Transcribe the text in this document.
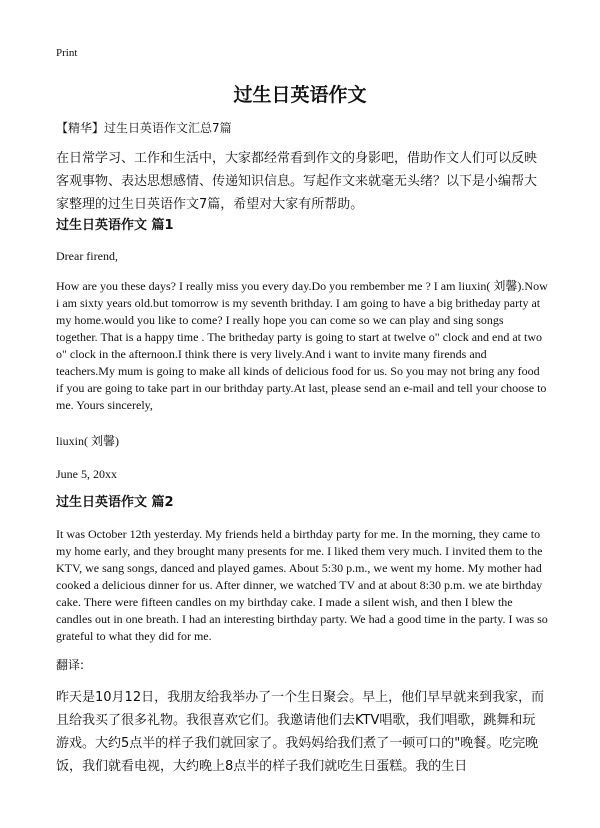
Print
过生日英语作文
【精华】过生日英语作文汇总7篇
在日常学习、工作和生活中，大家都经常看到作文的身影吧，借助作文人们可以反映客观事物、表达思想感情、传递知识信息。写起作文来就毫无头绪？以下是小编帮大家整理的过生日英语作文7篇，希望对大家有所帮助。
过生日英语作文 篇1
Drear firend,
How are you these days? I really miss you every day.Do you rembember me ? I am liuxin( 刘馨).Now i am sixty years old.but tomorrow is my seventh brithday. I am going to have a big britheday party at my home.would you like to come? I really hope you can come so we can play and sing songs together. That is a happy time . The britheday party is going to start at twelve o" clock and end at two o" clock in the afternoon.I think there is very lively.And i want to invite many firends and teachers.My mum is going to make all kinds of delicious food for us. So you may not bring any food if you are going to take part in our brithday party.At last, please send an e-mail and tell your choose to me. Yours sincerely,
liuxin( 刘馨)
June 5, 20xx
过生日英语作文 篇2
It was October 12th yesterday. My friends held a birthday party for me. In the morning, they came to my home early, and they brought many presents for me. I liked them very much. I invited them to the KTV, we sang songs, danced and played games. About 5:30 p.m., we went my home. My mother had cooked a delicious dinner for us. After dinner, we watched TV and at about 8:30 p.m. we ate birthday cake. There were fifteen candles on my birthday cake. I made a silent wish, and then I blew the candles out in one breath. I had an interesting birthday party. We had a good time in the party. I was so grateful to what they did for me.
翻译:
昨天是10月12日，我朋友给我举办了一个生日聚会。早上，他们早早就来到我家，而且给我买了很多礼物。我很喜欢它们。我邀请他们去KTV唱歌，我们唱歌，跳舞和玩游戏。大约5点半的样子我们就回家了。我妈妈给我们煮了一顿可口的"晚餐。吃完晚饭，我们就看电视，大约晚上8点半的样子我们就吃生日蛋糕。我的生日
